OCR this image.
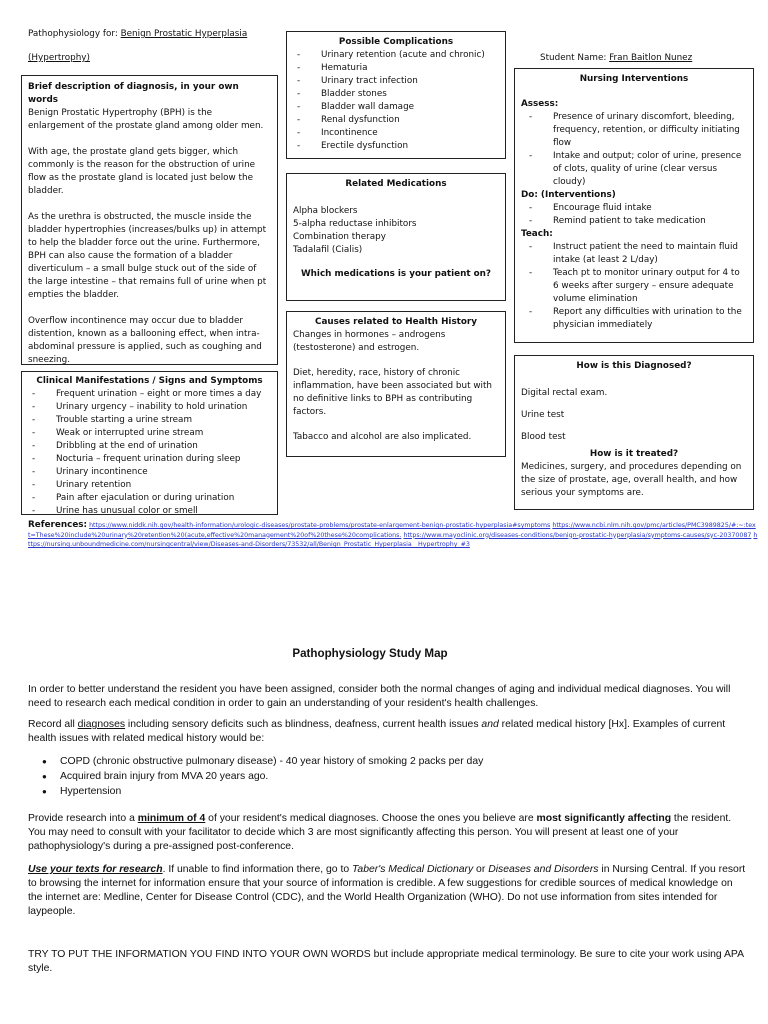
Pathophysiology for: Benign Prostatic Hyperplasia
(Hypertrophy)	Student Name: Fran Baitlon Nunez
Brief description of diagnosis, in your own words

Benign Prostatic Hypertrophy (BPH) is the enlargement of the prostate gland among older men.

With age, the prostate gland gets bigger, which commonly is the reason for the obstruction of urine flow as the prostate gland is located just below the bladder.

As the urethra is obstructed, the muscle inside the bladder hypertrophies (increases/bulks up) in attempt to help the bladder force out the urine. Furthermore, BPH can also cause the formation of a bladder diverticulum – a small bulge stuck out of the side of the large intestine – that remains full of urine when pt empties the bladder.

Overflow incontinence may occur due to bladder distention, known as a ballooning effect, when intra-abdominal pressure is applied, such as coughing and sneezing.

Possible Complications
- Urinary retention (acute and chronic)
- Hematuria
- Urinary tract infection
- Bladder stones
- Bladder wall damage
- Renal dysfunction
- Incontinence
- Erectile dysfunction
Related Medications
Alpha blockers
5-alpha reductase inhibitors
Combination therapy
Tadalafil (Cialis)
Which medications is your patient on?
Causes related to Health History

Changes in hormones – androgens (testosterone) and estrogen.

Diet, heredity, race, history of chronic inflammation, have been associated but with no definitive links to BPH as contributing factors.

Tabacco and alcohol are also implicated.

Nursing Interventions
Assess:
- Presence of urinary discomfort, bleeding, frequency, retention, or difficulty initiating flow
- Intake and output; color of urine, presence of clots, quality of urine (clear versus cloudy)
Do: (Interventions)
- Encourage fluid intake
- Remind patient to take medication
Teach:
- Instruct patient the need to maintain fluid intake (at least 2 L/day)
- Teach pt to monitor urinary output for 4 to 6 weeks after surgery – ensure adequate volume elimination
- Report any difficulties with urination to the physician immediately
Clinical Manifestations / Signs and Symptoms
- Frequent urination – eight or more times a day
- Urinary urgency – inability to hold urination
- Trouble starting a urine stream
- Weak or interrupted urine stream
- Dribbling at the end of urination
- Nocturia – frequent urination during sleep
- Urinary incontinence
- Urinary retention
- Pain after ejaculation or during urination
- Urine has unusual color or smell
How is this Diagnosed?
Digital rectal exam.
Urine test
Blood test
How is it treated?

Medicines, surgery, and procedures depending on the size of prostate, age, overall health, and how serious your symptoms are.

References: https://www.niddk.nih.gov/health-information/urologic-diseases/prostate-problems/prostate-enlargement-benign-prostatic-hyperplasia#symptoms https://www.ncbi.nlm.nih.gov/pmc/articles/PMC3989825/#:~:text=These%20include%20urinary%20retention%20(acute,effective%20management%20of%20these%20complications. https://www.mayoclinic.org/diseases-conditions/benign-prostatic-hyperplasia/symptoms-causes/syc-20370087 https://nursing.unboundmedicine.com/nursingcentral/view/Diseases-and-Disorders/73532/all/Benign_Prostatic_Hyperplasia__Hypertrophy_#3
Pathophysiology Study Map

In order to better understand the resident you have been assigned, consider both the normal changes of aging and individual medical diagnoses. You will need to research each medical condition in order to gain an understanding of your resident's health challenges.

Record all diagnoses including sensory deficits such as blindness, deafness, current health issues and related medical history [Hx]. Examples of current health issues with related medical history would be:

● COPD (chronic obstructive pulmonary disease) - 40 year history of smoking 2 packs per day
● Acquired brain injury from MVA 20 years ago.
● Hypertension

Provide research into a minimum of 4 of your resident's medical diagnoses. Choose the ones you believe are most significantly affecting the resident. You may need to consult with your facilitator to decide which 3 are most significantly affecting this person. You will present at least one of your pathophysiology's during a pre-assigned post-conference.

Use your texts for research. If unable to find information there, go to Taber's Medical Dictionary or Diseases and Disorders in Nursing Central. If you resort to browsing the internet for information ensure that your source of information is credible. A few suggestions for credible sources of medical knowledge on the internet are: Medline, Center for Disease Control (CDC), and the World Health Organization (WHO). Do not use information from sites intended for laypeople.

TRY TO PUT THE INFORMATION YOU FIND INTO YOUR OWN WORDS but include appropriate medical terminology. Be sure to cite your work using APA style.
